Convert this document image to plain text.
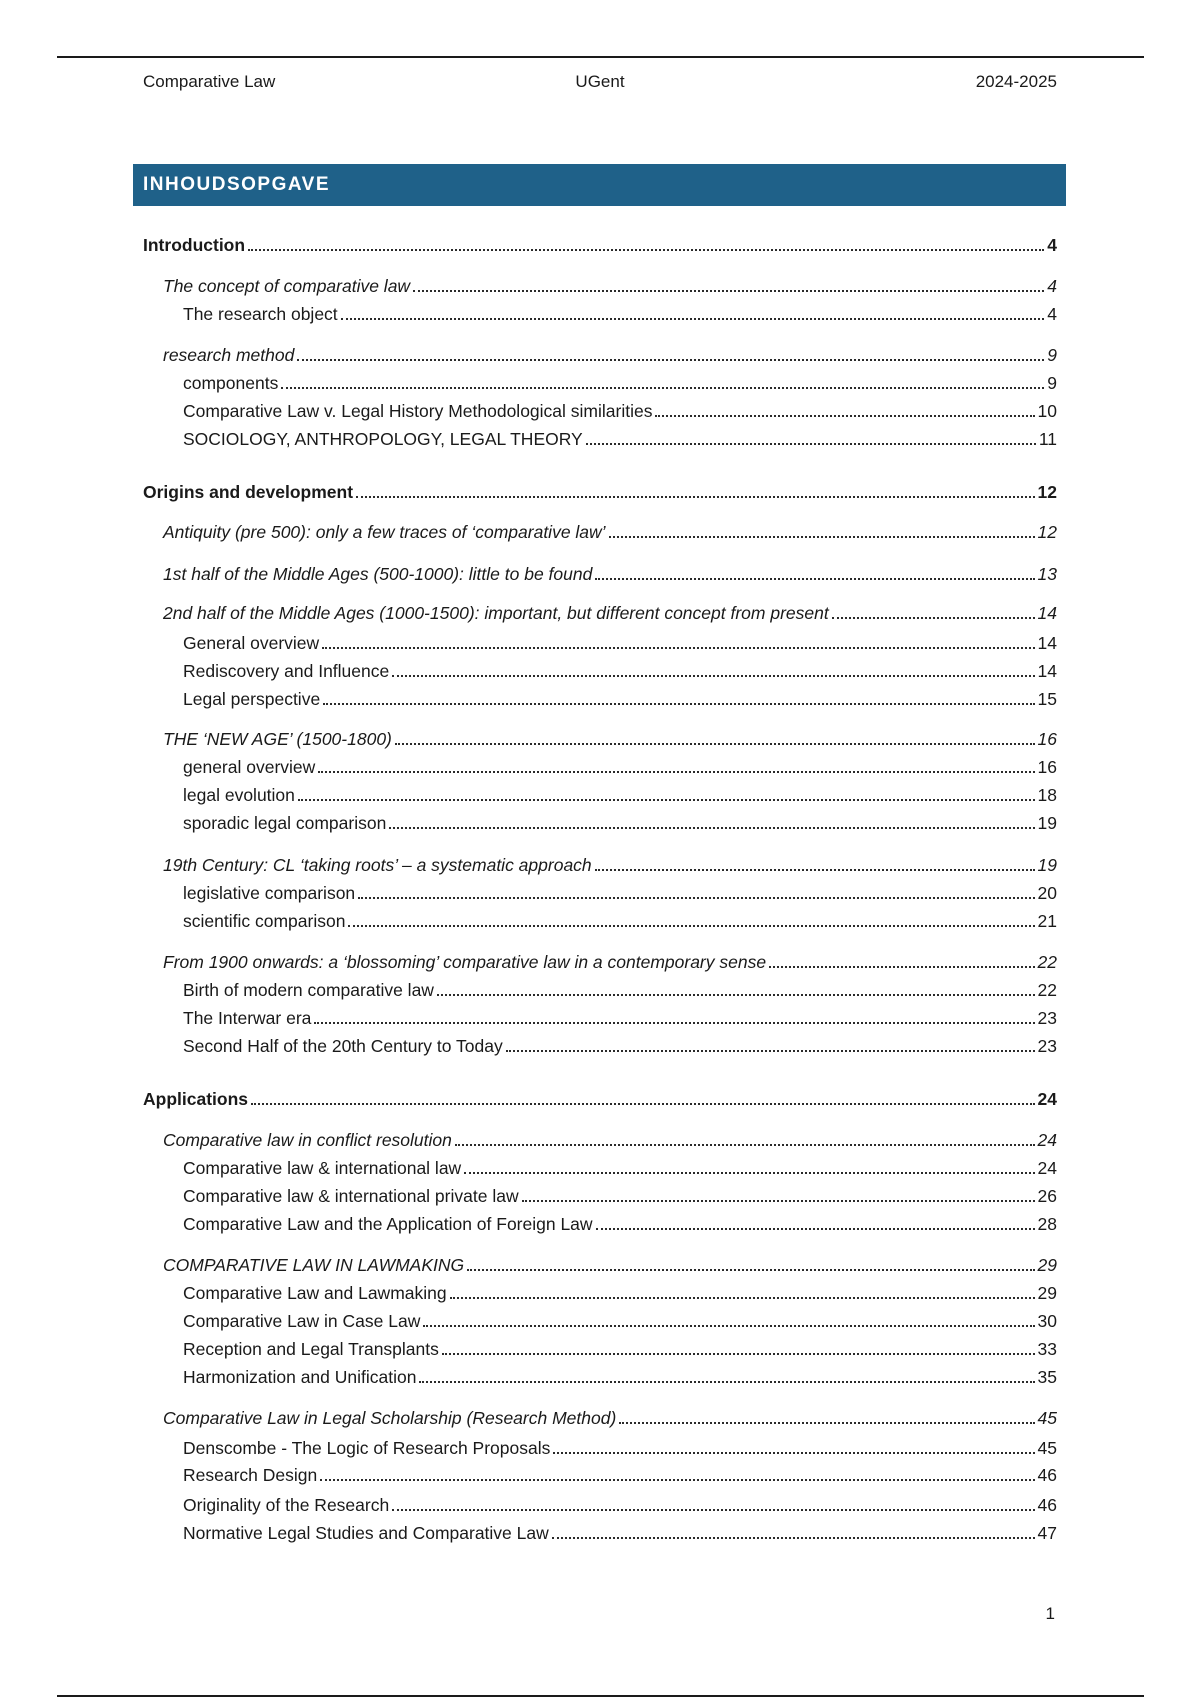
UGent
Comparative Law	2024-2025
INHOUDSOPGAVE
Introduction	4
The concept of comparative law	4
The research object	4
research method	9
components	9
Comparative Law v. Legal History Methodological similarities	10
SOCIOLOGY, ANTHROPOLOGY, LEGAL THEORY	11
Origins and development	12
Antiquity (pre 500): only a few traces of ‘comparative law’	12
1st half of the Middle Ages (500-1000): little to be found	13
2nd half of the Middle Ages (1000-1500): important, but different concept from present	14
General overview	14
Rediscovery and Influence	14
Legal perspective	15
THE ‘NEW AGE’ (1500-1800)	16
general overview	16
legal evolution	18
sporadic legal comparison	19
19th Century: CL ‘taking roots’ – a systematic approach	19
legislative comparison	20
scientific comparison	21
From 1900 onwards: a ‘blossoming’ comparative law in a contemporary sense	22
Birth of modern comparative law	22
The Interwar era	23
Second Half of the 20th Century to Today	23
Applications	24
Comparative law in conflict resolution	24
Comparative law & international law	24
Comparative law & international private law	26
Comparative Law and the Application of Foreign Law	28
COMPARATIVE LAW IN LAWMAKING	29
Comparative Law and Lawmaking	29
Comparative Law in Case Law	30
Reception and Legal Transplants	33
Harmonization and Unification	35
Comparative Law in Legal Scholarship (Research Method)	45
Denscombe - The Logic of Research Proposals	45
Research Design	46
Originality of the Research	46
Normative Legal Studies and Comparative Law	47
1
